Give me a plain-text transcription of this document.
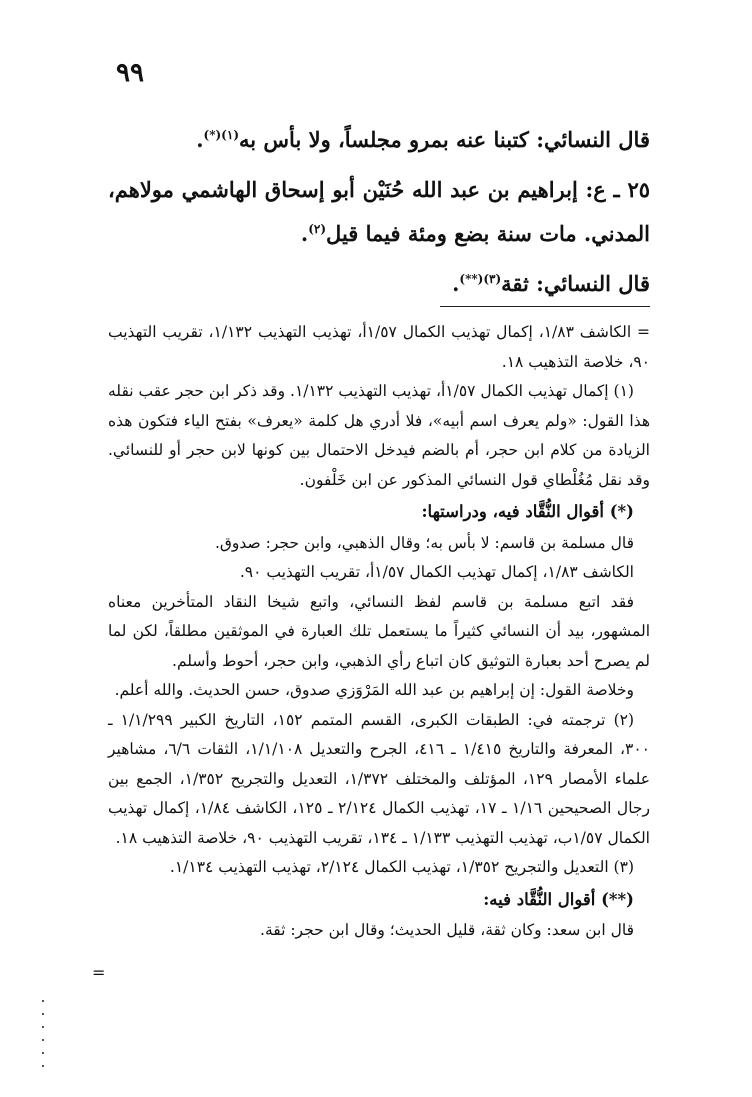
٩٩

قال النسائي: كتبنا عنه بمرو مجلساً، ولا بأس به$^{(١)(*)}$.

٢٥ ـ ع: إبراهيم بن عبد الله حُنَيْن أبو إسحاق الهاشمي مولاهم، المدني. مات سنة بضع ومئة فيما قيل$^{(٢)}$.

قال النسائي: ثقة$^{(٣)(**)}$.

= الكاشف ١/٨٣، إكمال تهذيب الكمال ١/٥٧أ، تهذيب التهذيب ١/١٣٢، تقريب التهذيب ٩٠، خلاصة التذهيب ١٨.

(١) إكمال تهذيب الكمال ١/٥٧أ، تهذيب التهذيب ١/١٣٢. وقد ذكر ابن حجر عقب نقله هذا القول: «ولم يعرف اسم أبيه»، فلا أدري هل كلمة «يعرف» بفتح الياء فتكون هذه الزيادة من كلام ابن حجر، أم بالضم فيدخل الاحتمال بين كونها لابن حجر أو للنسائي. وقد نقل مُغُلْطاي قول النسائي المذكور عن ابن خَلْفون.

(*) أقوال النُّقَّاد فيه، ودراستها:

قال مسلمة بن قاسم: لا بأس به؛ وقال الذهبي، وابن حجر: صدوق.

الكاشف ١/٨٣، إكمال تهذيب الكمال ١/٥٧أ، تقريب التهذيب ٩٠.

فقد اتبع مسلمة بن قاسم لفظ النسائي، واتبع شيخا النقاد المتأخرين معناه المشهور، بيد أن النسائي كثيراً ما يستعمل تلك العبارة في الموثقين مطلقاً، لكن لما لم يصرح أحد بعبارة التوثيق كان اتباع رأي الذهبي، وابن حجر، أحوط وأسلم.

وخلاصة القول: إن إبراهيم بن عبد الله المَرْوَزي صدوق، حسن الحديث. والله أعلم.

(٢) ترجمته في: الطبقات الكبرى، القسم المتمم ١٥٢، التاريخ الكبير ١/١/٢٩٩ ـ ٣٠٠، المعرفة والتاريخ ١/٤١٥ ـ ٤١٦، الجرح والتعديل ١/١/١٠٨، الثقات ٦/٦، مشاهير علماء الأمصار ١٢٩، المؤتلف والمختلف ١/٣٧٢، التعديل والتجريح ١/٣٥٢، الجمع بين رجال الصحيحين ١/١٦ ـ ١٧، تهذيب الكمال ٢/١٢٤ ـ ١٢٥، الكاشف ١/٨٤، إكمال تهذيب الكمال ١/٥٧ب، تهذيب التهذيب ١/١٣٣ ـ ١٣٤، تقريب التهذيب ٩٠، خلاصة التذهيب ١٨.

(٣) التعديل والتجريح ١/٣٥٢، تهذيب الكمال ٢/١٢٤، تهذيب التهذيب ١/١٣٤.

(**) أقوال النُّقَّاد فيه:

قال ابن سعد: وكان ثقة، قليل الحديث؛ وقال ابن حجر: ثقة.

=
